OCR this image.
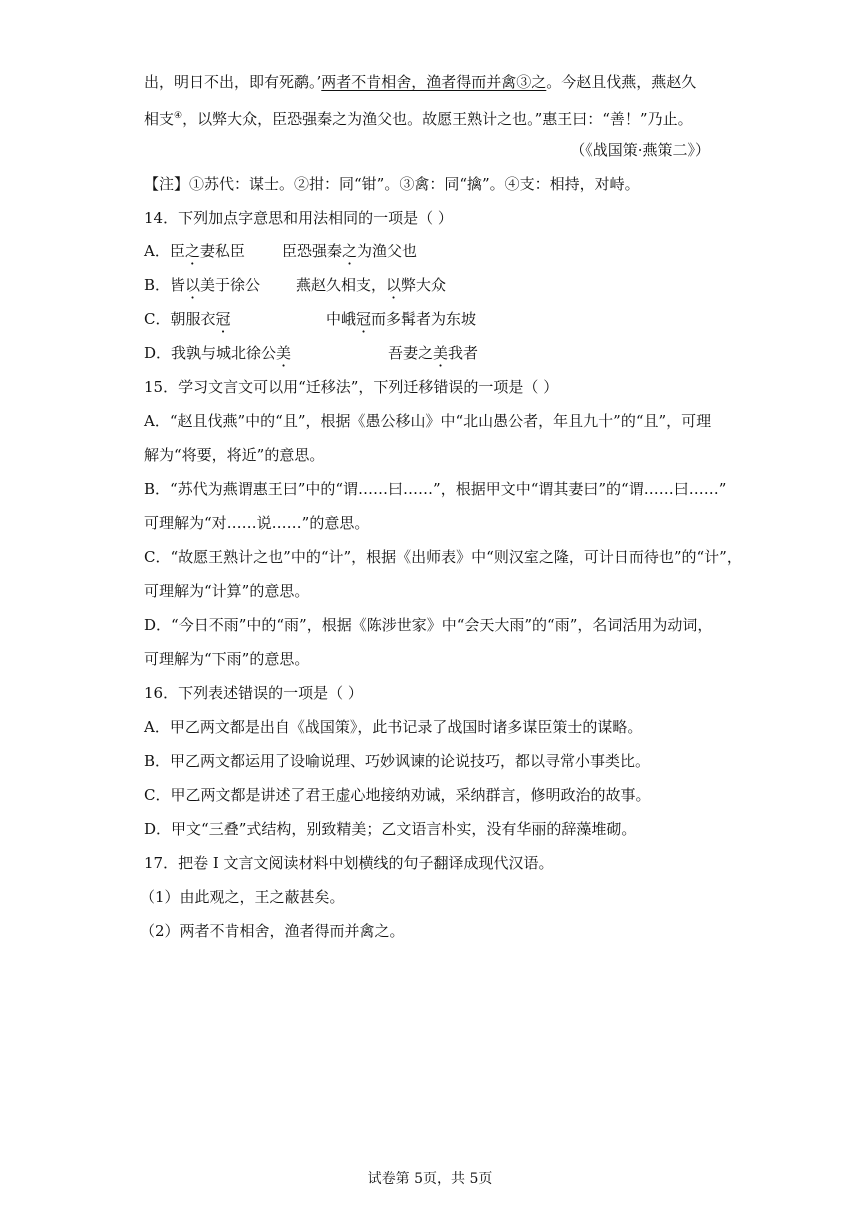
出，明日不出，即有死鹬。’两者不肯相舍，渔者得而并禽③之。今赵且伐燕，燕赵久
相支④，以弊大众，臣恐强秦之为渔父也。故愿王熟计之也。”惠王曰：“善！”乃止。
（《战国策·燕策二》）
【注】①苏代：谋士。②拑：同“钳”。③禽：同“擒”。④支：相持，对峙。
14．下列加点字意思和用法相同的一项是（ ）
A．臣之妻私臣 臣恐强秦之为渔父也
B．皆以美于徐公 燕赵久相支，以弊大众
C．朝服衣冠	中峨冠而多髯者为东坡
D．我孰与城北徐公美	吾妻之美我者
15．学习文言文可以用“迁移法”，下列迁移错误的一项是（ ）
A．“赵且伐燕”中的“且”，根据《愚公移山》中“北山愚公者，年且九十”的“且”，可理
解为“将要，将近”的意思。
B．“苏代为燕谓惠王曰”中的“谓……曰……”，根据甲文中“谓其妻曰”的“谓……曰……”
可理解为“对……说……”的意思。
C．“故愿王熟计之也”中的“计”，根据《出师表》中“则汉室之隆，可计日而待也”的“计”，
可理解为“计算”的意思。
D．“今日不雨”中的“雨”，根据《陈涉世家》中“会天大雨”的“雨”，名词活用为动词，
可理解为“下雨”的意思。
16．下列表述错误的一项是（ ）
A．甲乙两文都是出自《战国策》，此书记录了战国时诸多谋臣策士的谋略。
B．甲乙两文都运用了设喻说理、巧妙讽谏的论说技巧，都以寻常小事类比。
C．甲乙两文都是讲述了君王虚心地接纳劝诫，采纳群言，修明政治的故事。
D．甲文“三叠”式结构，别致精美；乙文语言朴实，没有华丽的辞藻堆砌。
17．把卷 I 文言文阅读材料中划横线的句子翻译成现代汉语。
（1）由此观之，王之蔽甚矣。
（2）两者不肯相舍，渔者得而并禽之。
试卷第 5页，共 5页
